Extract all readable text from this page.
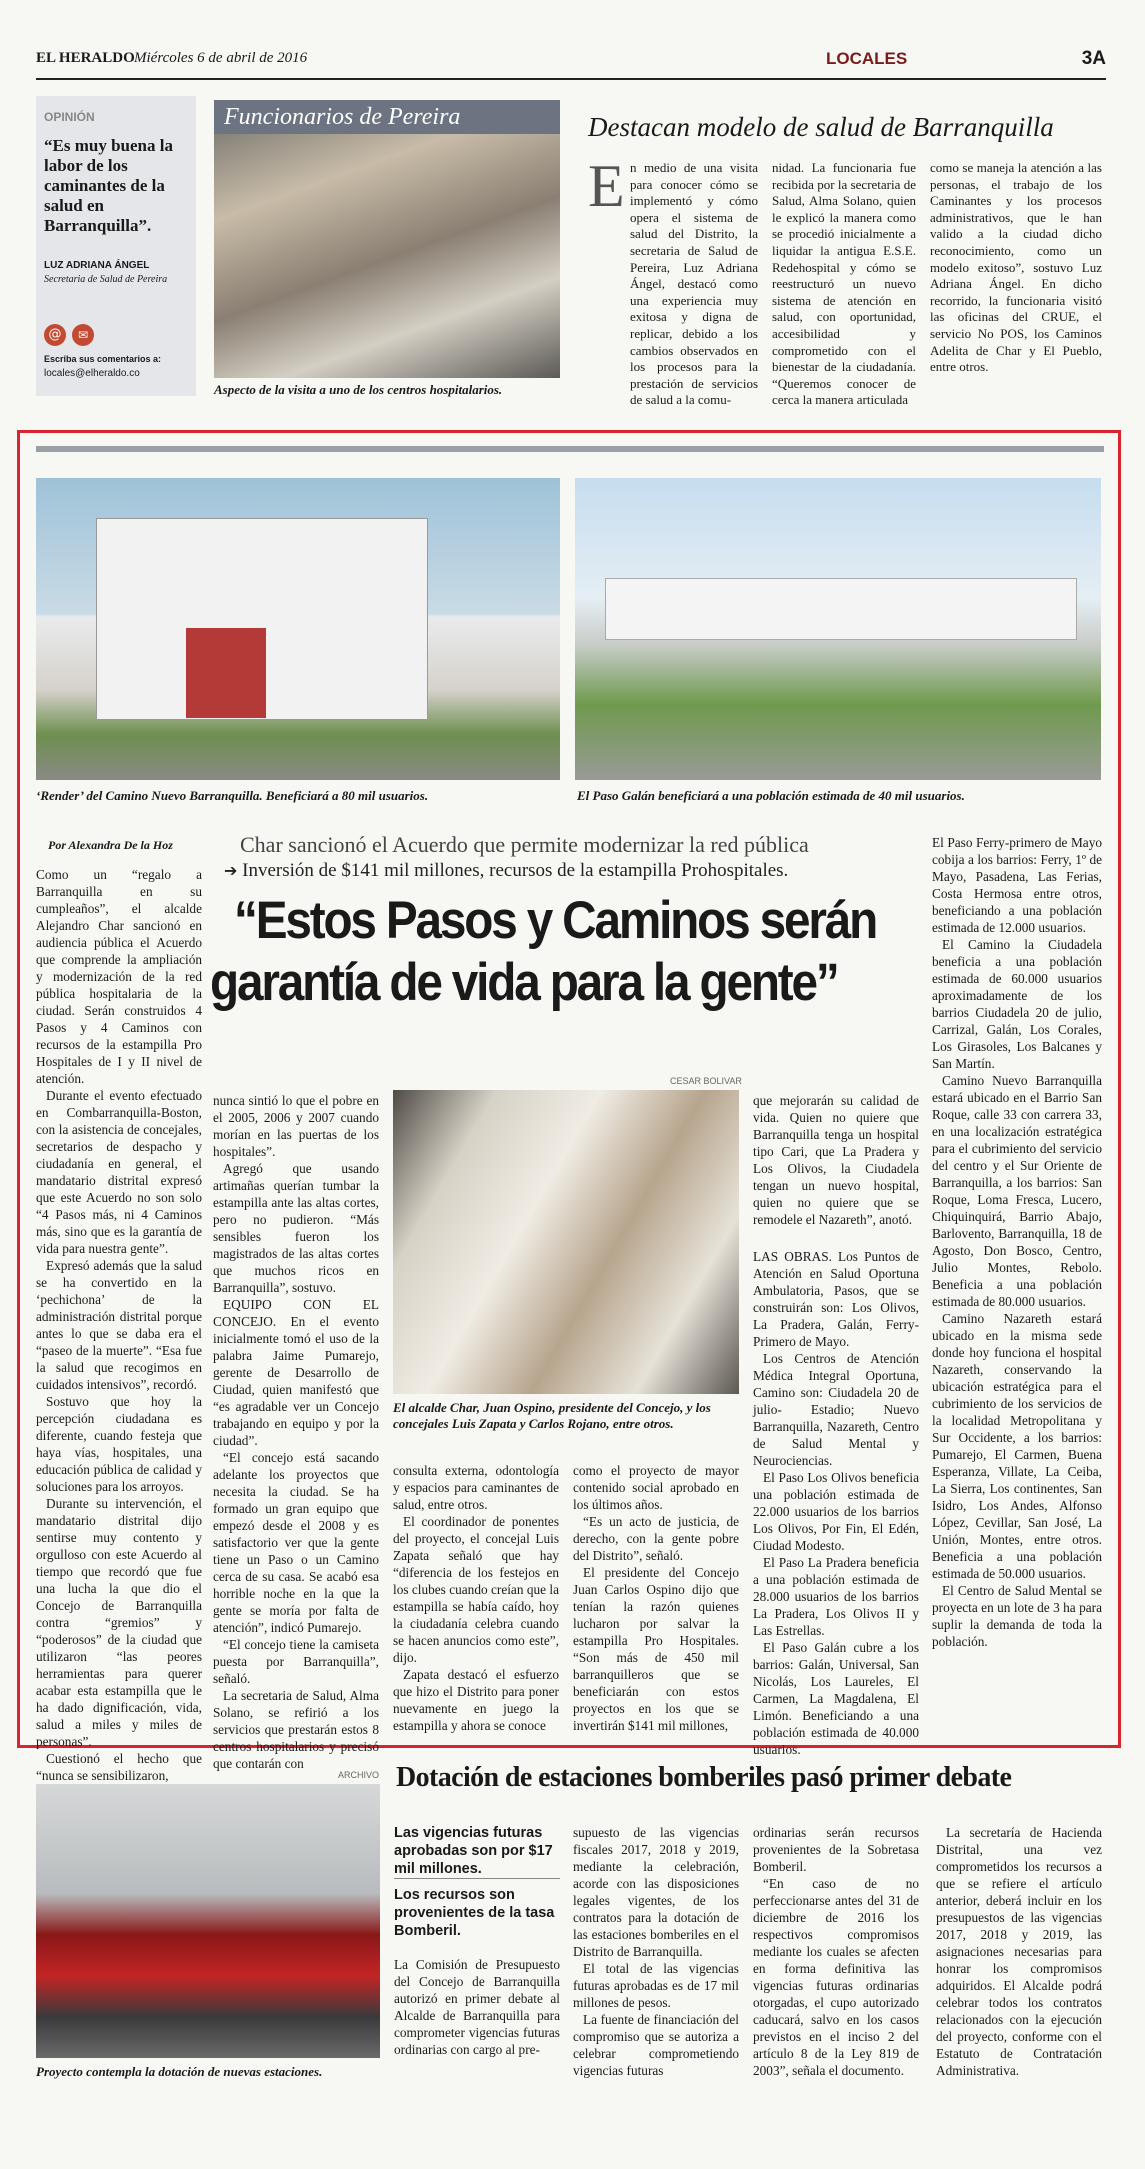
EL HERALDO Miércoles 6 de abril de 2016	LOCALES	3A
OPINIÓN
“Es muy buena la labor de los caminantes de la salud en Barranquilla”.
LUZ ADRIANA ÁNGEL
Secretaria de Salud de Pereira
@	✉
Escriba sus comentarios a:
locales@elheraldo.co
Funcionarios de Pereira
Aspecto de la visita a uno de los centros hospitalarios.
Destacan modelo de salud de Barranquilla
E n medio de una visita para conocer cómo se implementó y cómo opera el sistema de salud del Distrito, la secretaria de Salud de Pereira, Luz Adriana Ángel, destacó como una experiencia muy exitosa y digna de replicar, debido a los cambios observados en los procesos para la prestación de servicios de salud a la comu-
nidad. La funcionaria fue recibida por la secretaria de Salud, Alma Solano, quien le explicó la manera como se procedió inicialmente a liquidar la antigua E.S.E. Redehospital y cómo se reestructuró un nuevo sistema de atención en salud, con oportunidad, accesibilidad y comprometido con el bienestar de la ciudadanía. “Queremos conocer de cerca la manera articulada
como se maneja la atención a las personas, el trabajo de los Caminantes y los procesos administrativos, que le han valido a la ciudad dicho reconocimiento, como un modelo exitoso”, sostuvo Luz Adriana Ángel. En dicho recorrido, la funcionaria visitó las oficinas del CRUE, el servicio No POS, los Caminos Adelita de Char y El Pueblo, entre otros.
‘Render’ del Camino Nuevo Barranquilla. Beneficiará a 80 mil usuarios.	El Paso Galán beneficiará a una población estimada de 40 mil usuarios.
Por Alexandra De la Hoz	Char sancionó el Acuerdo que permite modernizar la red pública
➔ Inversión de $141 mil millones, recursos de la estampilla Prohospitales.
“Estos Pasos y Caminos serán
garantía de vida para la gente”

Como un “regalo a Barranquilla en su cumpleaños”, el alcalde Alejandro Char sancionó en audiencia pública el Acuerdo que comprende la ampliación y modernización de la red pública hospitalaria de la ciudad. Serán construidos 4 Pasos y 4 Caminos con recursos de la estampilla Pro Hospitales de I y II nivel de atención.

Durante el evento efectuado en Combarranquilla-Boston, con la asistencia de concejales, secretarios de despacho y ciudadanía en general, el mandatario distrital expresó que este Acuerdo no son solo “4 Pasos más, ni 4 Caminos más, sino que es la garantía de vida para nuestra gente”.

Expresó además que la salud se ha convertido en la ‘pechichona’ de la administración distrital porque antes lo que se daba era el “paseo de la muerte”. “Esa fue la salud que recogimos en cuidados intensivos”, recordó.

Sostuvo que hoy la percepción ciudadana es diferente, cuando festeja que haya vías, hospitales, una educación pública de calidad y soluciones para los arroyos.

Durante su intervención, el mandatario distrital dijo sentirse muy contento y orgulloso con este Acuerdo al tiempo que recordó que fue una lucha la que dio el Concejo de Barranquilla contra “gremios” y “poderosos” de la ciudad que utilizaron “las peores herramientas para querer acabar esta estampilla que le ha dado dignificación, vida, salud a miles y miles de personas”.

Cuestionó el hecho que “nunca se sensibilizaron,

nunca sintió lo que el pobre en el 2005, 2006 y 2007 cuando morían en las puertas de los hospitales”.

Agregó que usando artimañas querían tumbar la estampilla ante las altas cortes, pero no pudieron. “Más sensibles fueron los magistrados de las altas cortes que muchos ricos en Barranquilla”, sostuvo.

EQUIPO CON EL CONCEJO. En el evento inicialmente tomó el uso de la palabra Jaime Pumarejo, gerente de Desarrollo de Ciudad, quien manifestó que “es agradable ver un Concejo trabajando en equipo y por la ciudad”.

“El concejo está sacando adelante los proyectos que necesita la ciudad. Se ha formado un gran equipo que empezó desde el 2008 y es satisfactorio ver que la gente tiene un Paso o un Camino cerca de su casa. Se acabó esa horrible noche en la que la gente se moría por falta de atención”, indicó Pumarejo.

“El concejo tiene la camiseta puesta por Barranquilla”, señaló.

La secretaria de Salud, Alma Solano, se refirió a los servicios que prestarán estos 8 centros hospitalarios y precisó que contarán con

CESAR BOLIVAR
El alcalde Char, Juan Ospino, presidente del Concejo, y los concejales Luis Zapata y Carlos Rojano, entre otros.

consulta externa, odontología y espacios para caminantes de salud, entre otros.

El coordinador de ponentes del proyecto, el concejal Luis Zapata señaló que hay “diferencia de los festejos en los clubes cuando creían que la estampilla se había caído, hoy la ciudadanía celebra cuando se hacen anuncios como este”, dijo.

Zapata destacó el esfuerzo que hizo el Distrito para poner nuevamente en juego la estampilla y ahora se conoce

que mejorarán su calidad de vida. Quien no quiere que Barranquilla tenga un hospital tipo Cari, que La Pradera y Los Olivos, la Ciudadela tengan un nuevo hospital, quien no quiere que se remodele el Nazareth”, anotó.

como el proyecto de mayor contenido social aprobado en los últimos años.

“Es un acto de justicia, de derecho, con la gente pobre del Distrito”, señaló.

El presidente del Concejo Juan Carlos Ospino dijo que tenían la razón quienes lucharon por salvar la estampilla Pro Hospitales. “Son más de 450 mil barranquilleros que se beneficiarán con estos proyectos en los que se invertirán $141 mil millones,

LAS OBRAS. Los Puntos de Atención en Salud Oportuna Ambulatoria, Pasos, que se construirán son: Los Olivos, La Pradera, Galán, Ferry- Primero de Mayo.

Los Centros de Atención Médica Integral Oportuna, Camino son: Ciudadela 20 de julio- Estadio; Nuevo Barranquilla, Nazareth, Centro de Salud Mental y Neurociencias.

El Paso Los Olivos beneficia una población estimada de 22.000 usuarios de los barrios Los Olivos, Por Fin, El Edén, Ciudad Modesto.

El Paso La Pradera beneficia a una población estimada de 28.000 usuarios de los barrios La Pradera, Los Olivos II y Las Estrellas.

El Paso Galán cubre a los barrios: Galán, Universal, San Nicolás, Los Laureles, El Carmen, La Magdalena, El Limón. Beneficiando a una población estimada de 40.000 usuarios.

El Paso Ferry-primero de Mayo cobija a los barrios: Ferry, 1º de Mayo, Pasadena, Las Ferias, Costa Hermosa entre otros, beneficiando a una población estimada de 12.000 usuarios.

El Camino la Ciudadela beneficia a una población estimada de 60.000 usuarios aproximadamente de los barrios Ciudadela 20 de julio, Carrizal, Galán, Los Corales, Los Girasoles, Los Balcanes y San Martín.

Camino Nuevo Barranquilla estará ubicado en el Barrio San Roque, calle 33 con carrera 33, en una localización estratégica para el cubrimiento del servicio del centro y el Sur Oriente de Barranquilla, a los barrios: San Roque, Loma Fresca, Lucero, Chiquinquirá, Barrio Abajo, Barlovento, Barranquilla, 18 de Agosto, Don Bosco, Centro, Julio Montes, Rebolo. Beneficia a una población estimada de 80.000 usuarios.

Camino Nazareth estará ubicado en la misma sede donde hoy funciona el hospital Nazareth, conservando la ubicación estratégica para el cubrimiento de los servicios de la localidad Metropolitana y Sur Occidente, a los barrios: Pumarejo, El Carmen, Buena Esperanza, Villate, La Ceiba, La Sierra, Los continentes, San Isidro, Los Andes, Alfonso López, Cevillar, San José, La Unión, Montes, entre otros. Beneficia a una población estimada de 50.000 usuarios.

El Centro de Salud Mental se proyecta en un lote de 3 ha para suplir la demanda de toda la población.

ARCHIVO
Proyecto contempla la dotación de nuevas estaciones.
Dotación de estaciones bomberiles pasó primer debate
Las vigencias futuras aprobadas son por $17 mil millones.
Los recursos son provenientes de la tasa Bomberil.

La Comisión de Presupuesto del Concejo de Barranquilla autorizó en primer debate al Alcalde de Barranquilla para comprometer vigencias futuras ordinarias con cargo al pre-

supuesto de las vigencias fiscales 2017, 2018 y 2019, mediante la celebración, acorde con las disposiciones legales vigentes, de los contratos para la dotación de las estaciones bomberiles en el Distrito de Barranquilla.

El total de las vigencias futuras aprobadas es de 17 mil millones de pesos.

La fuente de financiación del compromiso que se autoriza a celebrar comprometiendo vigencias futuras

ordinarias serán recursos provenientes de la Sobretasa Bomberil.

“En caso de no perfeccionarse antes del 31 de diciembre de 2016 los respectivos compromisos mediante los cuales se afecten en forma definitiva las vigencias futuras ordinarias otorgadas, el cupo autorizado caducará, salvo en los casos previstos en el inciso 2 del artículo 8 de la Ley 819 de 2003”, señala el documento.

La secretaría de Hacienda Distrital, una vez comprometidos los recursos a que se refiere el artículo anterior, deberá incluir en los presupuestos de las vigencias 2017, 2018 y 2019, las asignaciones necesarias para honrar los compromisos adquiridos. El Alcalde podrá celebrar todos los contratos relacionados con la ejecución del proyecto, conforme con el Estatuto de Contratación Administrativa.
